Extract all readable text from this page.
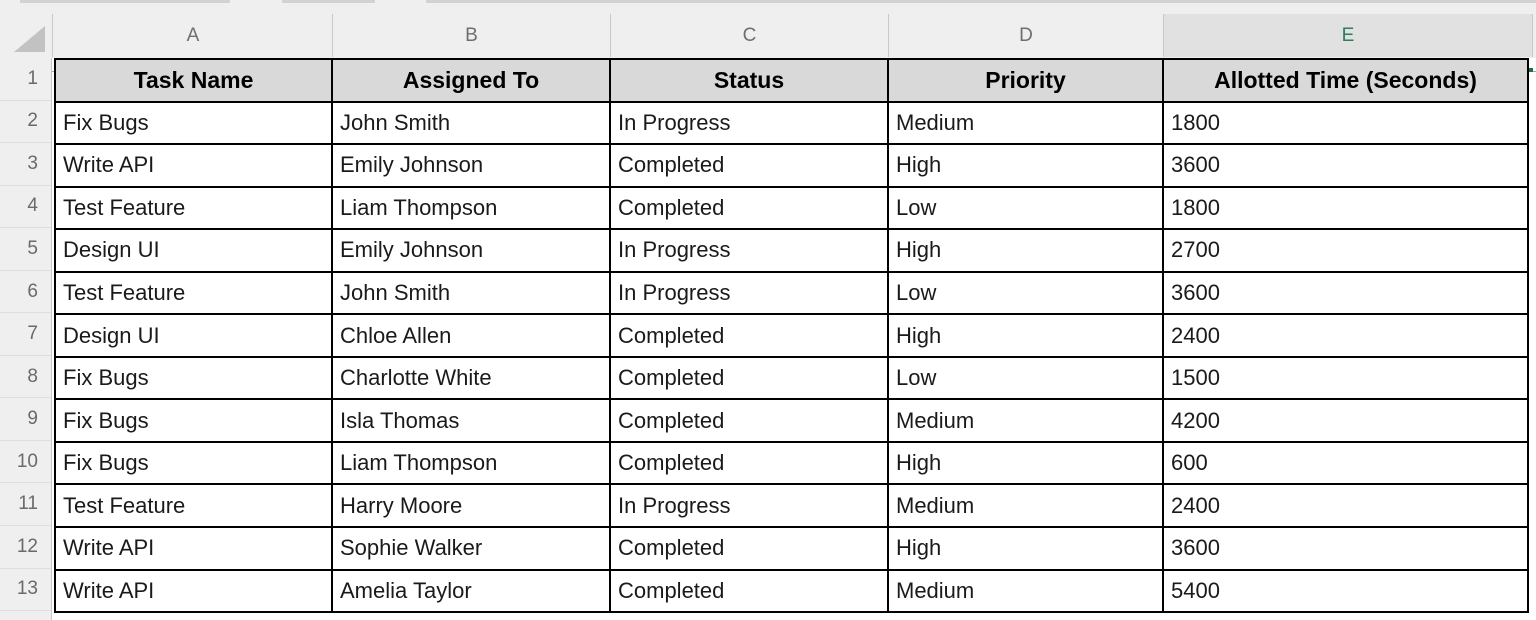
A	B	C	D	E
1
2
3
4
5
6
7
8
9
10
11
12
13
Task Name	Assigned To	Status	Priority	Allotted Time (Seconds)
Fix Bugs	John Smith	In Progress	Medium	1800
Write API	Emily Johnson	Completed	High	3600
Test Feature	Liam Thompson	Completed	Low	1800
Design UI	Emily Johnson	In Progress	High	2700
Test Feature	John Smith	In Progress	Low	3600
Design UI	Chloe Allen	Completed	High	2400
Fix Bugs	Charlotte White	Completed	Low	1500
Fix Bugs	Isla Thomas	Completed	Medium	4200
Fix Bugs	Liam Thompson	Completed	High	600
Test Feature	Harry Moore	In Progress	Medium	2400
Write API	Sophie Walker	Completed	High	3600
Write API	Amelia Taylor	Completed	Medium	5400
